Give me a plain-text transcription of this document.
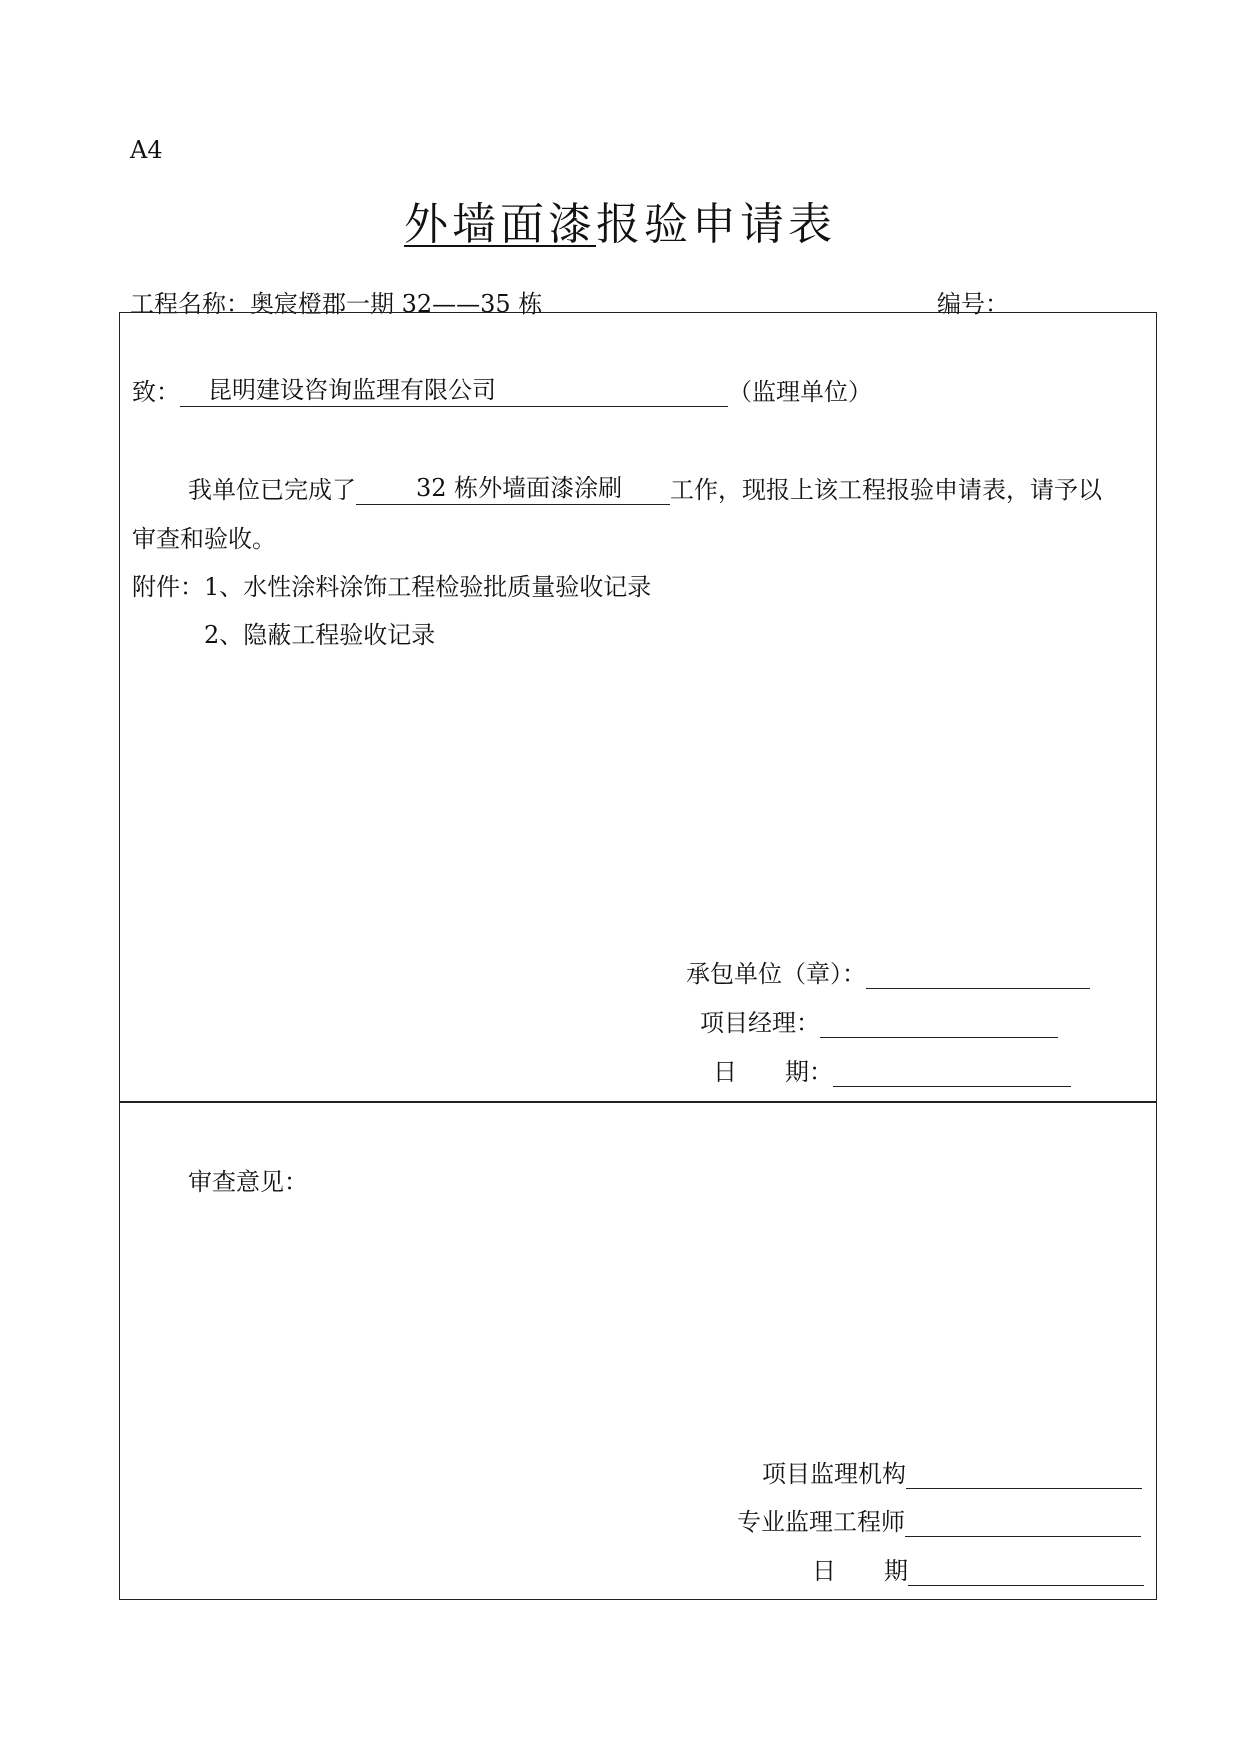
A4
外墙面漆报验申请表
工程名称：奥宸橙郡一期 32——35 栋	编号：
致： 昆明建设咨询监理有限公司	（监理单位）
我单位已完成了	32 栋外墙面漆涂刷 工作，现报上该工程报验申请表，请予以
审查和验收。
附件：1、水性涂料涂饰工程检验批质量验收记录
2、隐蔽工程验收记录
承包单位（章）：
项目经理：
日　　期：
审查意见：
项目监理机构
专业监理工程师
日　　期
